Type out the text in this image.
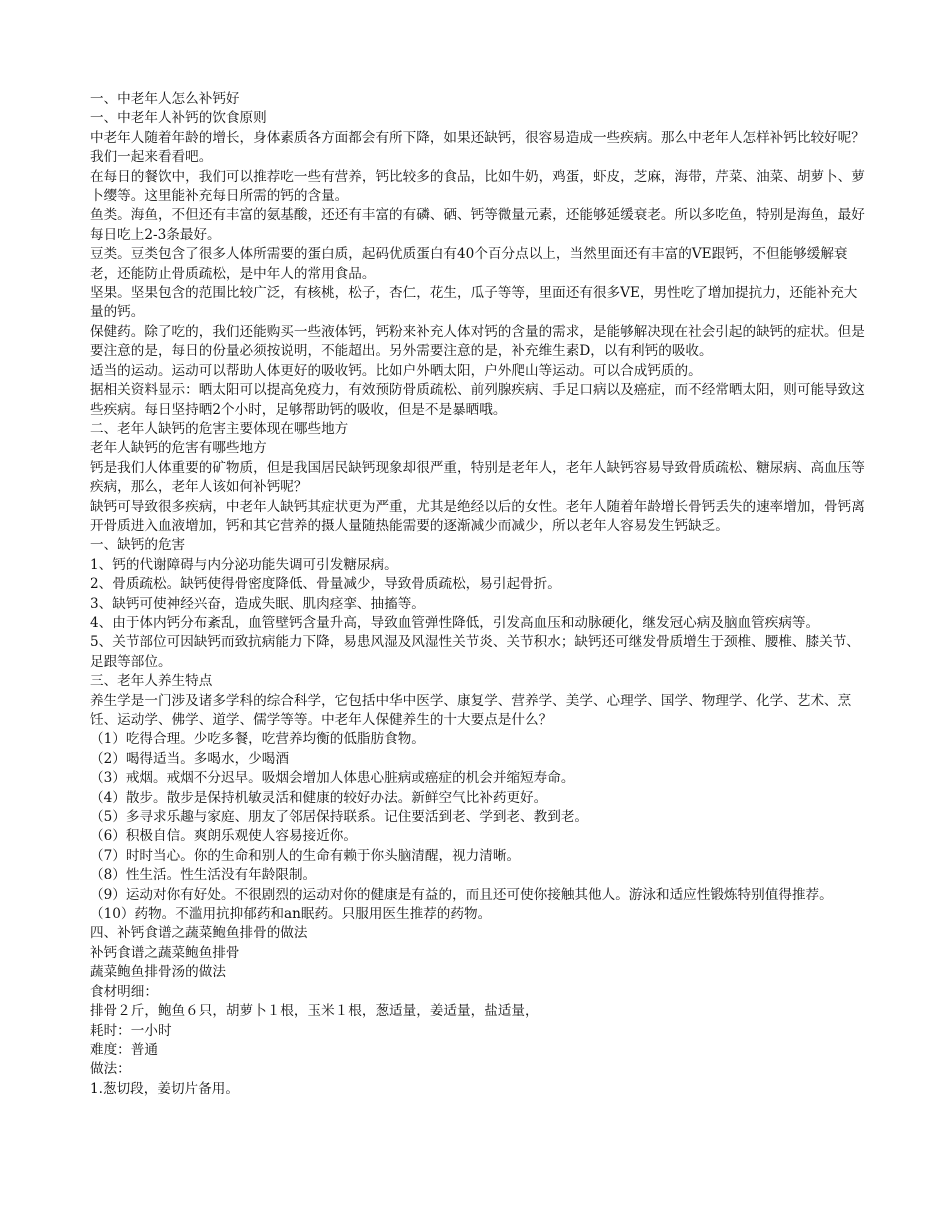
一、中老年人怎么补钙好

一、中老年人补钙的饮食原则

中老年人随着年龄的增长，身体素质各方面都会有所下降，如果还缺钙，很容易造成一些疾病。那么中老年人怎样补钙比较好呢？我们一起来看看吧。

在每日的餐饮中，我们可以推荐吃一些有营养，钙比较多的食品，比如牛奶，鸡蛋，虾皮，芝麻，海带，芹菜、油菜、胡萝卜、萝卜缨等。这里能补充每日所需的钙的含量。

鱼类。海鱼，不但还有丰富的氨基酸，还还有丰富的有磷、硒、钙等微量元素，还能够延缓衰老。所以多吃鱼，特别是海鱼，最好每日吃上2-3条最好。

豆类。豆类包含了很多人体所需要的蛋白质，起码优质蛋白有40个百分点以上，当然里面还有丰富的VE跟钙，不但能够缓解衰老，还能防止骨质疏松，是中年人的常用食品。

坚果。坚果包含的范围比较广泛，有核桃，松子，杏仁，花生，瓜子等等，里面还有很多VE，男性吃了增加提抗力，还能补充大量的钙。

保健药。除了吃的，我们还能购买一些液体钙，钙粉来补充人体对钙的含量的需求，是能够解决现在社会引起的缺钙的症状。但是要注意的是，每日的份量必须按说明，不能超出。另外需要注意的是，补充维生素D，以有利钙的吸收。

适当的运动。运动可以帮助人体更好的吸收钙。比如户外晒太阳，户外爬山等运动。可以合成钙质的。

据相关资料显示：晒太阳可以提高免疫力，有效预防骨质疏松、前列腺疾病、手足口病以及癌症，而不经常晒太阳，则可能导致这些疾病。每日坚持晒2个小时，足够帮助钙的吸收，但是不是暴晒哦。

二、老年人缺钙的危害主要体现在哪些地方

老年人缺钙的危害有哪些地方

钙是我们人体重要的矿物质，但是我国居民缺钙现象却很严重，特别是老年人，老年人缺钙容易导致骨质疏松、糖尿病、高血压等疾病，那么，老年人该如何补钙呢？

缺钙可导致很多疾病，中老年人缺钙其症状更为严重，尤其是绝经以后的女性。老年人随着年龄增长骨钙丢失的速率增加，骨钙离开骨质进入血液增加，钙和其它营养的摄人量随热能需要的逐渐减少而减少，所以老年人容易发生钙缺乏。

一、缺钙的危害

1、钙的代谢障碍与内分泌功能失调可引发糖尿病。

2、骨质疏松。缺钙使得骨密度降低、骨量减少，导致骨质疏松，易引起骨折。

3、缺钙可使神经兴奋，造成失眠、肌肉痉挛、抽搐等。

4、由于体内钙分布紊乱，血管壁钙含量升高，导致血管弹性降低，引发高血压和动脉硬化，继发冠心病及脑血管疾病等。

5、关节部位可因缺钙而致抗病能力下降，易患风湿及风湿性关节炎、关节积水；缺钙还可继发骨质增生于颈椎、腰椎、膝关节、足跟等部位。

三、老年人养生特点

养生学是一门涉及诸多学科的综合科学，它包括中华中医学、康复学、营养学、美学、心理学、国学、物理学、化学、艺术、烹饪、运动学、佛学、道学、儒学等等。中老年人保健养生的十大要点是什么？

（1）吃得合理。少吃多餐，吃营养均衡的低脂肪食物。

（2）喝得适当。多喝水，少喝酒

（3）戒烟。戒烟不分迟早。吸烟会增加人体患心脏病或癌症的机会并缩短寿命。

（4）散步。散步是保持机敏灵活和健康的较好办法。新鲜空气比补药更好。

（5）多寻求乐趣与家庭、朋友了邻居保持联系。记住要活到老、学到老、教到老。

（6）积极自信。爽朗乐观使人容易接近你。

（7）时时当心。你的生命和别人的生命有赖于你头脑清醒，视力清晰。

（8）性生活。性生活没有年龄限制。

（9）运动对你有好处。不很剧烈的运动对你的健康是有益的，而且还可使你接触其他人。游泳和适应性锻炼特别值得推荐。

（10）药物。不滥用抗抑郁药和an眠药。只服用医生推荐的药物。

四、补钙食谱之蔬菜鲍鱼排骨的做法

补钙食谱之蔬菜鲍鱼排骨

蔬菜鲍鱼排骨汤的做法

食材明细：

排骨２斤，鲍鱼６只，胡萝卜１根，玉米１根，葱适量，姜适量，盐适量，

耗时：一小时

难度：普通

做法：

1.葱切段，姜切片备用。
